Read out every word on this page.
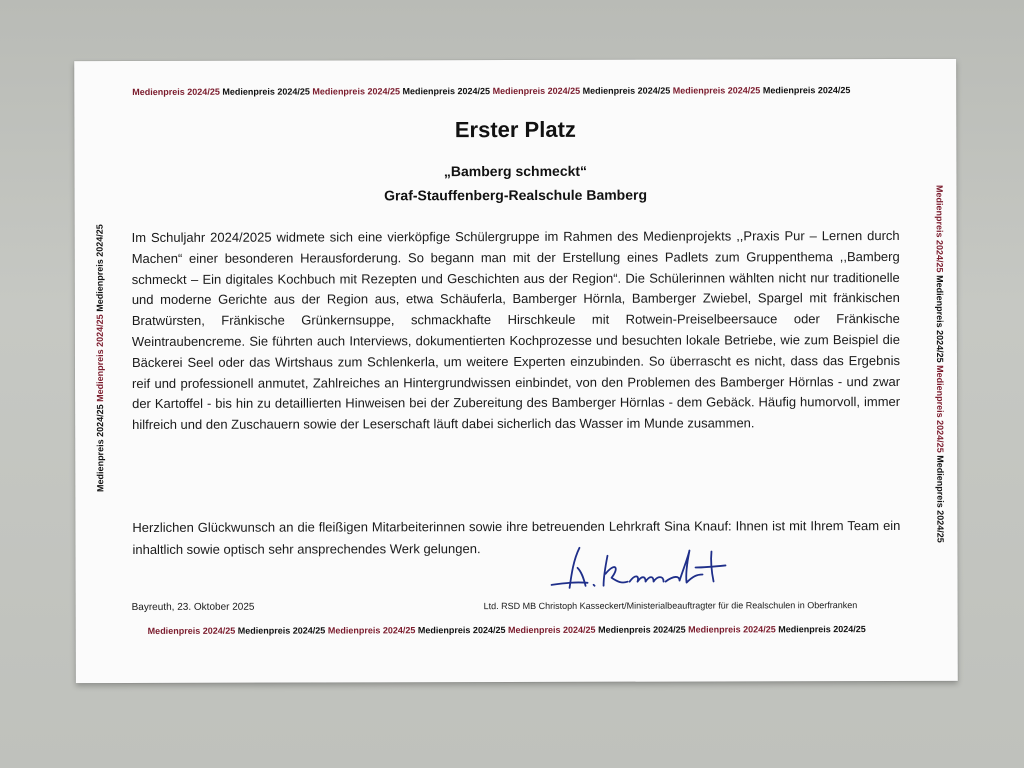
Medienpreis 2024/25 Medienpreis 2024/25 Medienpreis 2024/25 Medienpreis 2024/25 Medienpreis 2024/25 Medienpreis 2024/25 Medienpreis 2024/25 Medienpreis 2024/25
Medienpreis 2024/25 Medienpreis 2024/25 Medienpreis 2024/25	Medienpreis 2024/25 Medienpreis 2024/25 Medienpreis 2024/25 Medienpreis 2024/25
Erster Platz
„Bamberg schmeckt“
Graf-Stauffenberg-Realschule Bamberg
Im Schuljahr 2024/2025 widmete sich eine vierköpfige Schülergruppe im Rahmen des Medienprojekts ,,Praxis Pur – Lernen durch Machen“ einer besonderen Herausforderung. So begann man mit der Erstellung eines Padlets zum Gruppenthema ,,Bamberg schmeckt – Ein digitales Kochbuch mit Rezepten und Geschichten aus der Region“. Die Schülerinnen wählten nicht nur traditionelle und moderne Gerichte aus der Region aus, etwa Schäuferla, Bamberger Hörnla, Bamberger Zwiebel, Spargel mit fränkischen Bratwürsten, Fränkische Grünkernsuppe, schmackhafte Hirschkeule mit Rotwein-Preiselbeersauce oder Fränkische Weintraubencreme. Sie führten auch Interviews, dokumentierten Kochprozesse und besuchten lokale Betriebe, wie zum Beispiel die Bäckerei Seel oder das Wirtshaus zum Schlenkerla, um weitere Experten einzubinden. So überrascht es nicht, dass das Ergebnis reif und professionell anmutet, Zahlreiches an Hintergrundwissen einbindet, von den Problemen des Bamberger Hörnlas - und zwar der Kartoffel - bis hin zu detaillierten Hinweisen bei der Zubereitung des Bamberger Hörnlas - dem Gebäck. Häufig humorvoll, immer hilfreich und den Zuschauern sowie der Leserschaft läuft dabei sicherlich das Wasser im Munde zusammen.
Herzlichen Glückwunsch an die fleißigen Mitarbeiterinnen sowie ihre betreuenden Lehrkraft Sina Knauf: Ihnen ist mit Ihrem Team ein inhaltlich sowie optisch sehr ansprechendes Werk gelungen.
Bayreuth, 23. Oktober 2025	Ltd. RSD MB Christoph Kasseckert/Ministerialbeauftragter für die Realschulen in Oberfranken
Medienpreis 2024/25 Medienpreis 2024/25 Medienpreis 2024/25 Medienpreis 2024/25 Medienpreis 2024/25 Medienpreis 2024/25 Medienpreis 2024/25 Medienpreis 2024/25
